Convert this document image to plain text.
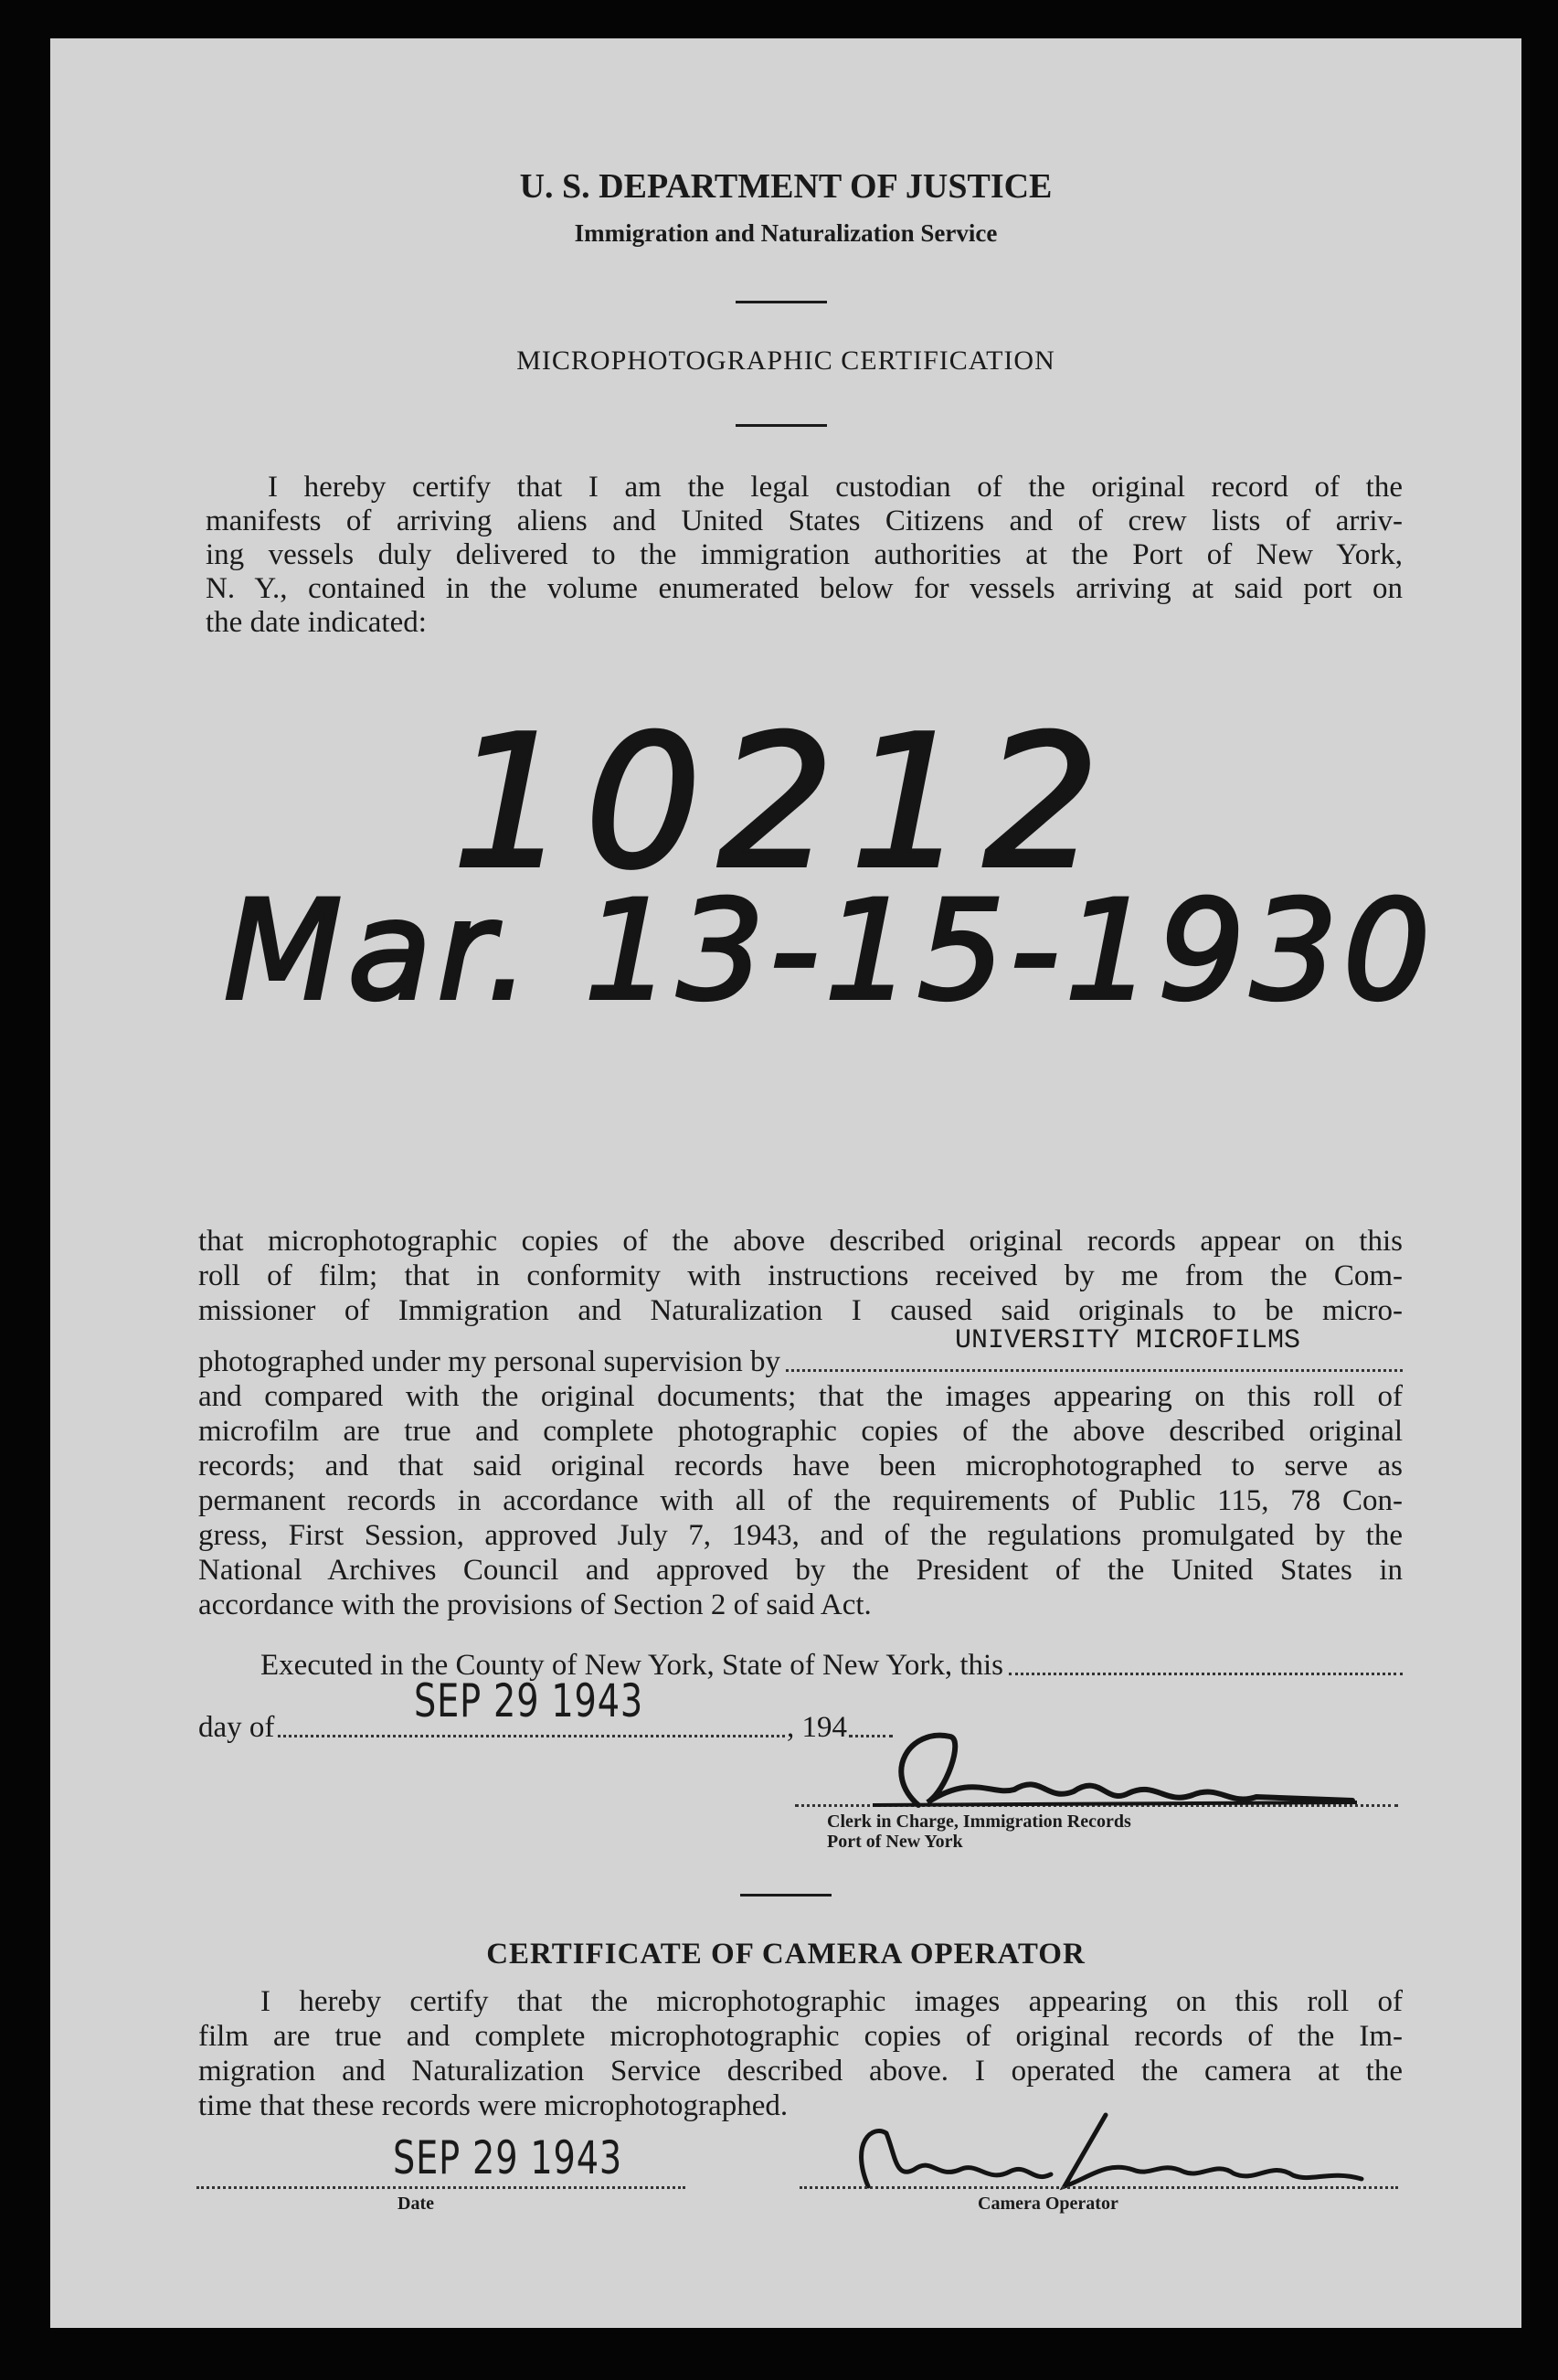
U. S. DEPARTMENT OF JUSTICE
Immigration and Naturalization Service
MICROPHOTOGRAPHIC CERTIFICATION
I hereby certify that I am the legal custodian of the original record of the
manifests of arriving aliens and United States Citizens and of crew lists of arriv-
ing vessels duly delivered to the immigration authorities at the Port of New York,
N. Y., contained in the volume enumerated below for vessels arriving at said port on
the date indicated:
10212
Mar. 13-15-1930
that microphotographic copies of the above described original records appear on this
roll of film; that in conformity with instructions received by me from the Com-
missioner of Immigration and Naturalization I caused said originals to be micro-
UNIVERSITY MICROFILMS
photographed under my personal supervision by
and compared with the original documents; that the images appearing on this roll of
microfilm are true and complete photographic copies of the above described original
records; and that said original records have been microphotographed to serve as
permanent records in accordance with all of the requirements of Public 115, 78 Con-
gress, First Session, approved July 7, 1943, and of the regulations promulgated by the
National Archives Council and approved by the President of the United States in
accordance with the provisions of Section 2 of said Act.
Executed in the County of New York, State of New York, this
SEP 29 1943
day of	, 194
Clerk in Charge, Immigration Records
Port of New York
CERTIFICATE OF CAMERA OPERATOR
I hereby certify that the microphotographic images appearing on this roll of
film are true and complete microphotographic copies of original records of the Im-
migration and Naturalization Service described above. I operated the camera at the
time that these records were microphotographed.
SEP 29 1943
Date	Camera Operator
